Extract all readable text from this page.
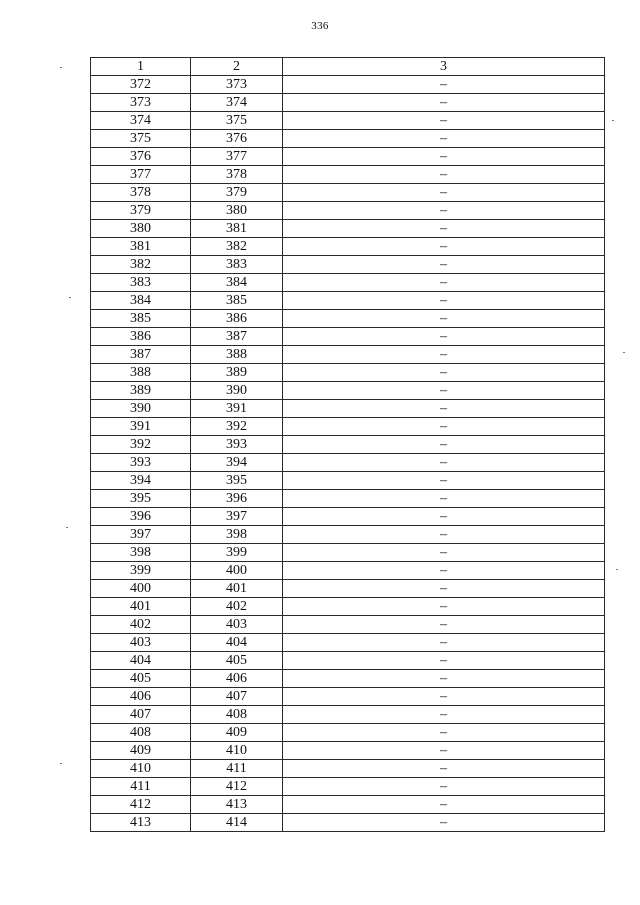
336
1	2	3
372	373	–
373	374	–
374	375	–
375	376	–
376	377	–
377	378	–
378	379	–
379	380	–
380	381	–
381	382	–
382	383	–
383	384	–
384	385	–
385	386	–
386	387	–
387	388	–
388	389	–
389	390	–
390	391	–
391	392	–
392	393	–
393	394	–
394	395	–
395	396	–
396	397	–
397	398	–
398	399	–
399	400	–
400	401	–
401	402	–
402	403	–
403	404	–
404	405	–
405	406	–
406	407	–
407	408	–
408	409	–
409	410	–
410	411	–
411	412	–
412	413	–
413	414	–
